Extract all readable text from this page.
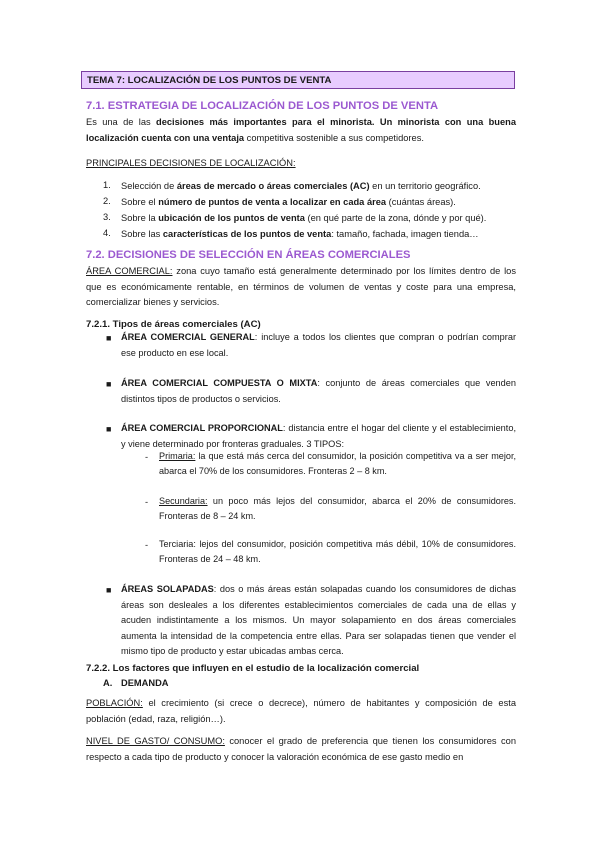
TEMA 7: LOCALIZACIÓN DE LOS PUNTOS DE VENTA
7.1. ESTRATEGIA DE LOCALIZACIÓN DE LOS PUNTOS DE VENTA
Es una de las decisiones más importantes para el minorista. Un minorista con una buena localización cuenta con una ventaja competitiva sostenible a sus competidores.
PRINCIPALES DECISIONES DE LOCALIZACIÓN:
1. Selección de áreas de mercado o áreas comerciales (AC) en un territorio geográfico.
2. Sobre el número de puntos de venta a localizar en cada área (cuántas áreas).
3. Sobre la ubicación de los puntos de venta (en qué parte de la zona, dónde y por qué).
4. Sobre las características de los puntos de venta: tamaño, fachada, imagen tienda…
7.2. DECISIONES DE SELECCIÓN EN ÁREAS COMERCIALES
ÁREA COMERCIAL: zona cuyo tamaño está generalmente determinado por los límites dentro de los que es económicamente rentable, en términos de volumen de ventas y coste para una empresa, comercializar bienes y servicios.
7.2.1. Tipos de áreas comerciales (AC)
■ ÁREA COMERCIAL GENERAL: incluye a todos los clientes que compran o podrían comprar ese producto en ese local.
■ ÁREA COMERCIAL COMPUESTA O MIXTA: conjunto de áreas comerciales que venden distintos tipos de productos o servicios.
■ ÁREA COMERCIAL PROPORCIONAL: distancia entre el hogar del cliente y el establecimiento, y viene determinado por fronteras graduales. 3 TIPOS:
- Primaria: la que está más cerca del consumidor, la posición competitiva va a ser mejor, abarca el 70% de los consumidores. Fronteras 2 – 8 km.
- Secundaria: un poco más lejos del consumidor, abarca el 20% de consumidores. Fronteras de 8 – 24 km.
- Terciaria: lejos del consumidor, posición competitiva más débil, 10% de consumidores. Fronteras de 24 – 48 km.
■ ÁREAS SOLAPADAS: dos o más áreas están solapadas cuando los consumidores de dichas áreas son desleales a los diferentes establecimientos comerciales de cada una de ellas y acuden indistintamente a los mismos. Un mayor solapamiento en dos áreas comerciales aumenta la intensidad de la competencia entre ellas. Para ser solapadas tienen que vender el mismo tipo de producto y estar ubicadas ambas cerca.
7.2.2. Los factores que influyen en el estudio de la localización comercial
A. DEMANDA
POBLACIÓN: el crecimiento (si crece o decrece), número de habitantes y composición de esta población (edad, raza, religión…).
NIVEL DE GASTO/ CONSUMO: conocer el grado de preferencia que tienen los consumidores con respecto a cada tipo de producto y conocer la valoración económica de ese gasto medio en
